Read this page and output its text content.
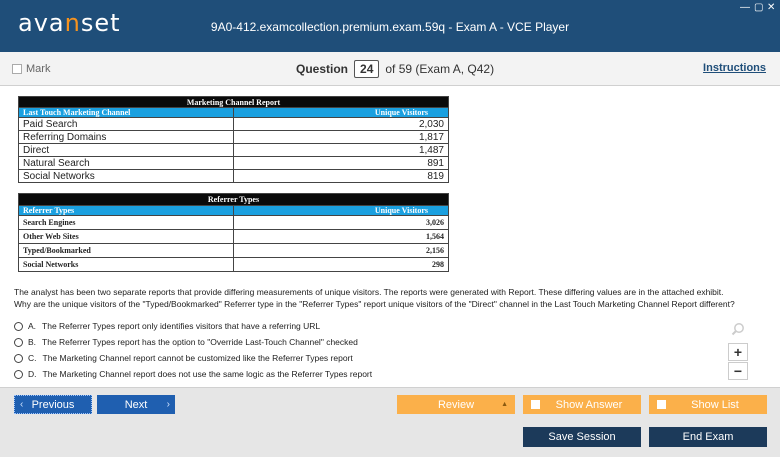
avanset	9A0-412.examcollection.premium.exam.59q - Exam A - VCE Player
— ▢ ✕
Mark	Question	24	of 59 (Exam A, Q42)	Instructions
Marketing Channel Report	
Last Touch Marketing Channel	Unique Visitors
Paid Search	2,030
Referring Domains	1,817
Direct	1,487
Natural Search	891
Social Networks	819
Referrer Types	
Referrer Types	Unique Visitors
Search Engines	3,026
Other Web Sites	1,564
Typed/Bookmarked	2,156
Social Networks	298
The analyst has been two separate reports that provide differing measurements of unique visitors. The reports were generated with Report. These differing values are in the attached exhibit.
Why are the unique visitors of the "Typed/Bookmarked" Referrer type in the "Referrer Types" report unique visitors of the "Direct" channel in the Last Touch Marketing Channel Report different?
A. The Referrer Types report only identifies visitors that have a referring URL
B. The Referrer Types report has the option to "Override Last-Touch Channel" checked
C. The Marketing Channel report cannot be customized like the Referrer Types report
D. The Marketing Channel report does not use the same logic as the Referrer Types report
+
−
‹ Previous	Next ›	Review	▲	Show Answer	Show List
Save Session	End Exam
